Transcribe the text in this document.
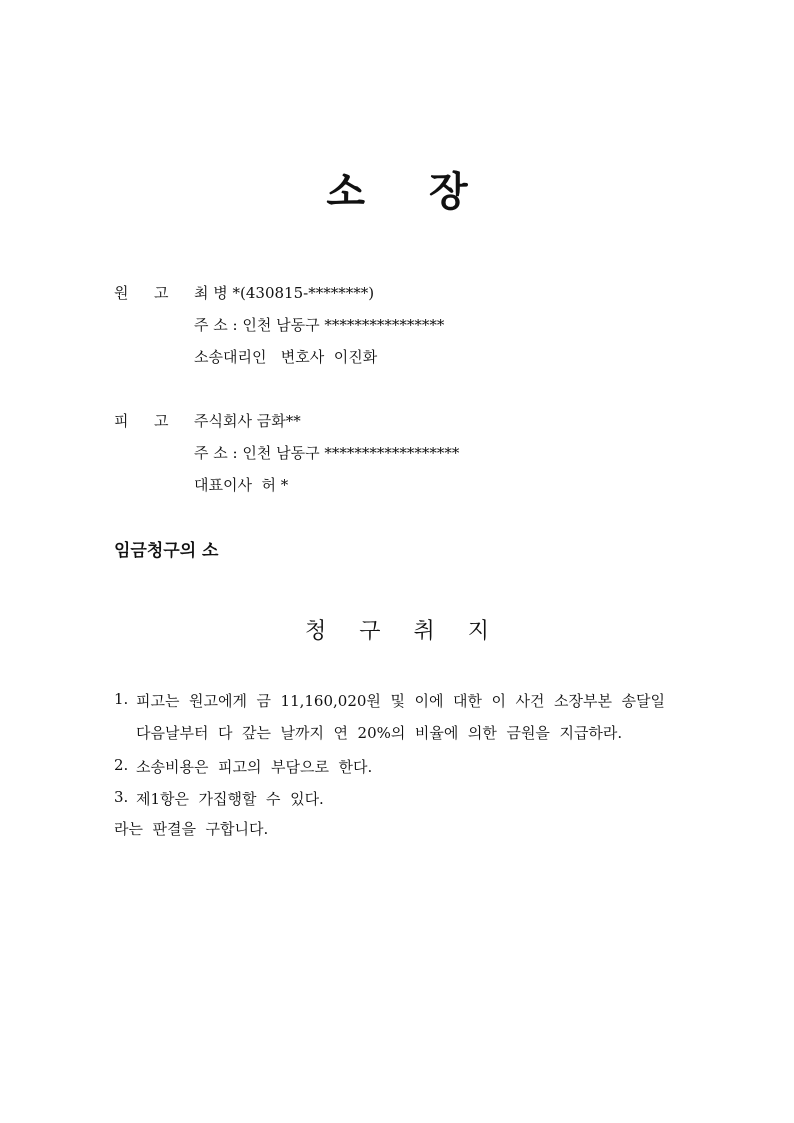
소 장
원 고 최 병 *(430815-********)
주 소 : 인천 남동구 ****************
소송대리인   변호사  이진화
피 고 주식회사 금화**
주 소 : 인천 남동구 ******************
대표이사  허 *
임금청구의 소
청 구 취 지
1. 피고는  원고에게  금  11,160,020원  및  이에  대한  이  사건  소장부본  송달일
다음날부터  다  갚는  날까지  연  20%의  비율에  의한  금원을  지급하라.
2. 소송비용은  피고의  부담으로  한다.
3. 제1항은  가집행할  수  있다.
라는  판결을  구합니다.
